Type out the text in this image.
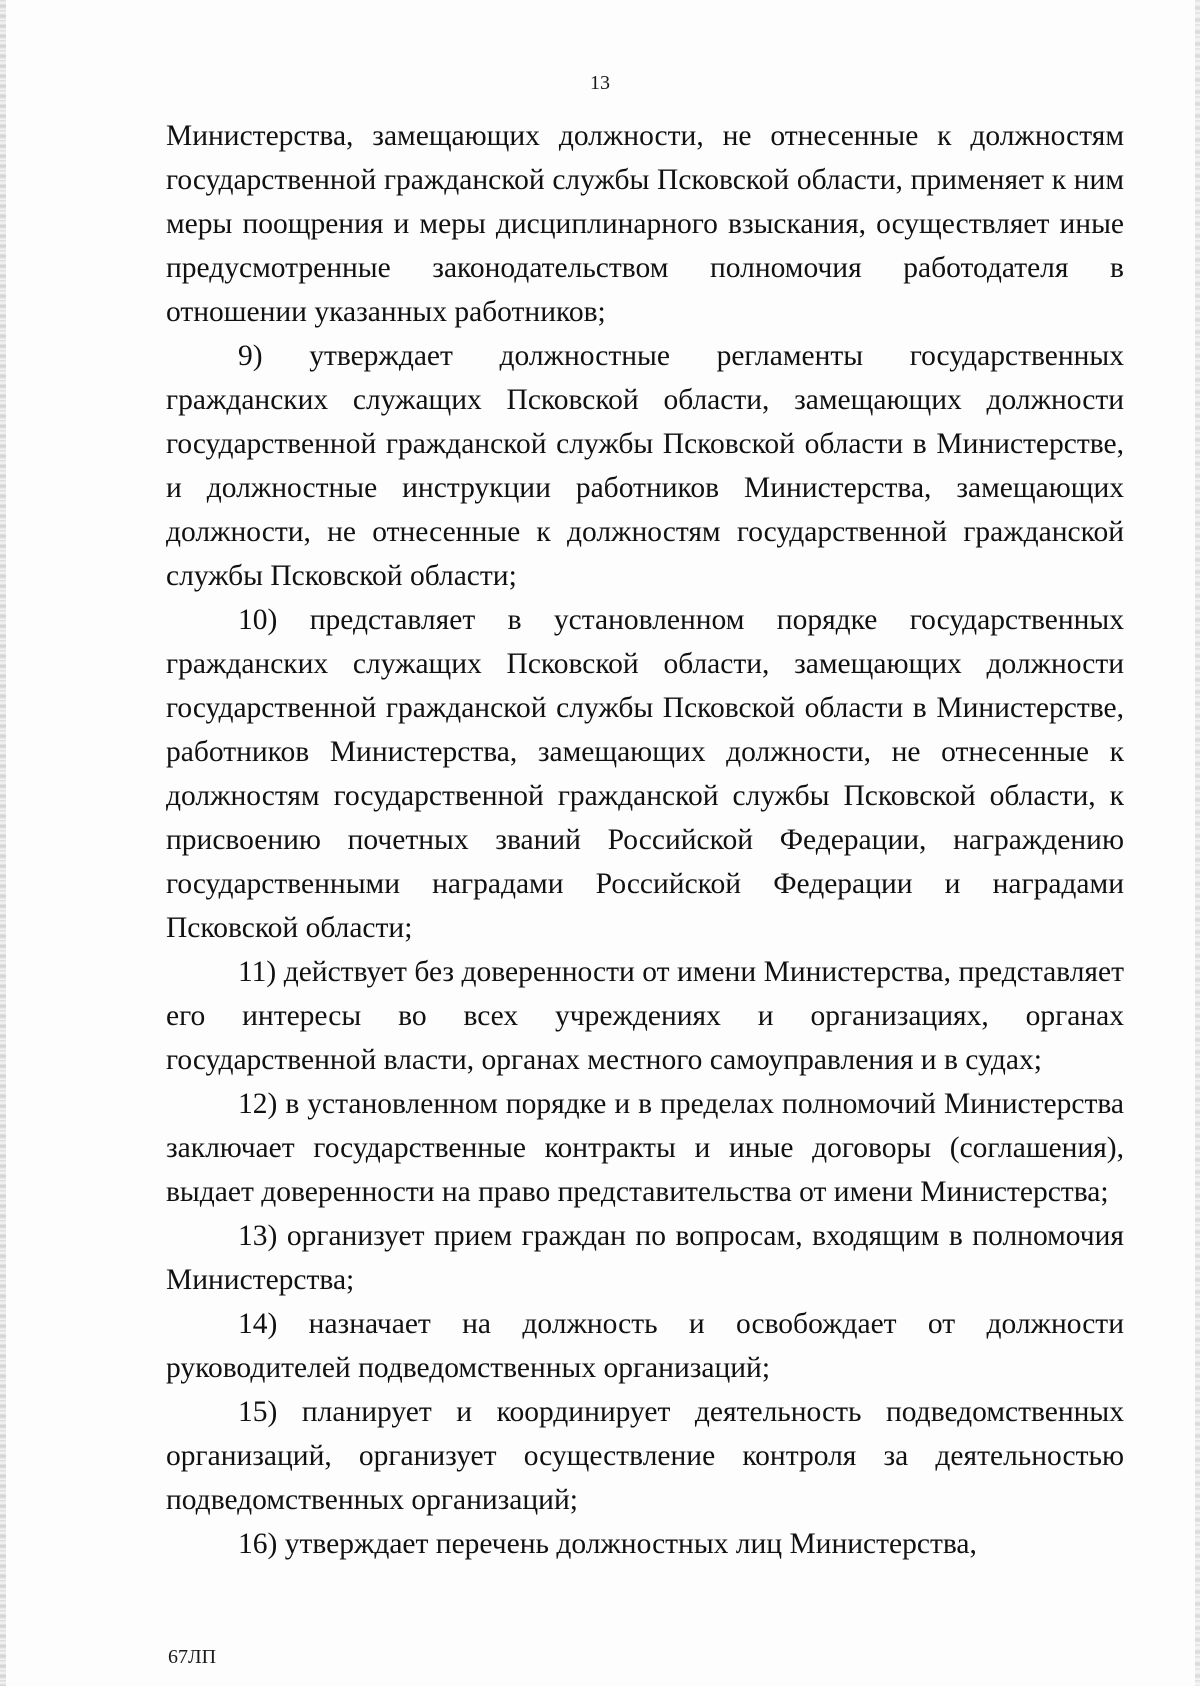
13

Министерства, замещающих должности, не отнесенные к должностям государственной гражданской службы Псковской области, применяет к ним меры поощрения и меры дисциплинарного взыскания, осуществляет иные предусмотренные законодательством полномочия работодателя в отношении указанных работников;

9) утверждает должностные регламенты государственных гражданских служащих Псковской области, замещающих должности государственной гражданской службы Псковской области в Министерстве, и должностные инструкции работников Министерства, замещающих должности, не отнесенные к должностям государственной гражданской службы Псковской области;

10) представляет в установленном порядке государственных гражданских служащих Псковской области, замещающих должности государственной гражданской службы Псковской области в Министерстве, работников Министерства, замещающих должности, не отнесенные к должностям государственной гражданской службы Псковской области, к присвоению почетных званий Российской Федерации, награждению государственными наградами Российской Федерации и наградами Псковской области;

11) действует без доверенности от имени Министерства, представляет его интересы во всех учреждениях и организациях, органах государственной власти, органах местного самоуправления и в судах;

12) в установленном порядке и в пределах полномочий Министерства заключает государственные контракты и иные договоры (соглашения), выдает доверенности на право представительства от имени Министерства;

13) организует прием граждан по вопросам, входящим в полномочия Министерства;

14) назначает на должность и освобождает от должности руководителей подведомственных организаций;

15) планирует и координирует деятельность подведомственных организаций, организует осуществление контроля за деятельностью подведомственных организаций;

16) утверждает перечень должностных лиц Министерства,

67ЛП
